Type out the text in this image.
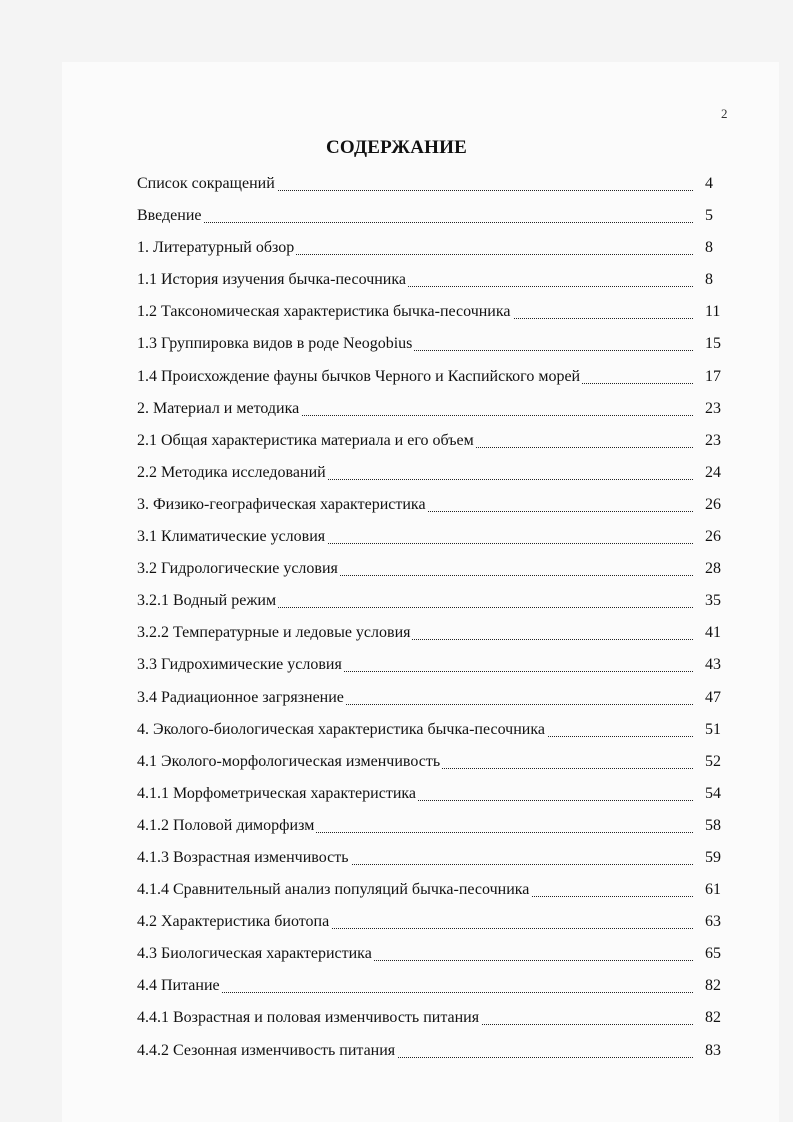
2
СОДЕРЖАНИЕ
Список сокращений	4
Введение	5
1. Литературный обзор	8
1.1 История изучения бычка-песочника	8
1.2 Таксономическая характеристика бычка-песочника	11
1.3 Группировка видов в роде Neogobius	15
1.4 Происхождение фауны бычков Черного и Каспийского морей	17
2. Материал и методика	23
2.1 Общая характеристика материала и его объем	23
2.2 Методика исследований	24
3. Физико-географическая характеристика	26
3.1 Климатические условия	26
3.2 Гидрологические условия	28
3.2.1 Водный режим	35
3.2.2 Температурные и ледовые условия	41
3.3 Гидрохимические условия	43
3.4 Радиационное загрязнение	47
4. Эколого-биологическая характеристика бычка-песочника	51
4.1 Эколого-морфологическая изменчивость	52
4.1.1 Морфометрическая характеристика	54
4.1.2 Половой диморфизм	58
4.1.3 Возрастная изменчивость	59
4.1.4 Сравнительный анализ популяций бычка-песочника	61
4.2 Характеристика биотопа	63
4.3 Биологическая характеристика	65
4.4 Питание	82
4.4.1 Возрастная и половая изменчивость питания	82
4.4.2 Сезонная изменчивость питания	83
